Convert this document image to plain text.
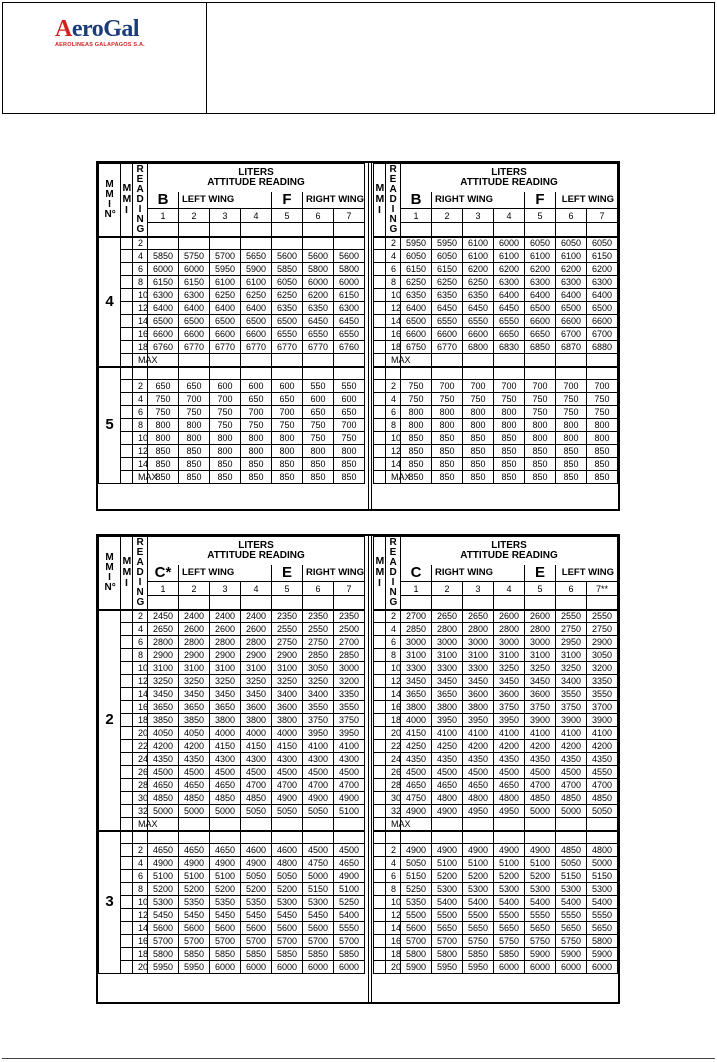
AeroGal
AEROLINEAS GALAPAGOS S.A.
M M I N°	M M I	R E A D I N G	LITERS
ATTITUDE READING						

			B	LEFT WING			F	RIGHT WING	
			1	2	3	4	5	6	7

4		2							
		4	5850	5750	5700	5650	5600	5600	5600
		6	6000	6000	5950	5900	5850	5800	5800
		8	6150	6150	6100	6100	6050	6000	6000
		10	6300	6300	6250	6250	6250	6200	6150
		12	6400	6400	6400	6400	6350	6350	6300
		14	6500	6500	6500	6500	6500	6450	6450
		16	6600	6600	6600	6600	6550	6550	6550
		18	6760	6770	6770	6770	6770	6770	6760
		MAX							
5									
		2	650	650	600	600	600	550	550
		4	750	700	700	650	650	600	600
		6	750	750	750	700	700	650	650
		8	800	800	750	750	750	750	700
		10	800	800	800	800	800	750	750
		12	850	850	800	800	800	800	800
		14	850	850	850	850	850	850	850
		MAX	850	850	850	850	850	850	850
M M I	R E A D I N G	LITERS
ATTITUDE READING						

		B	RIGHT WING			F	LEFT WING	
		1	2	3	4	5	6	7

	2	5950	5950	6100	6000	6050	6050	6050
	4	6050	6050	6100	6100	6100	6100	6150
	6	6150	6150	6200	6200	6200	6200	6200
	8	6250	6250	6250	6300	6300	6300	6300
	10	6350	6350	6350	6400	6400	6400	6400
	12	6400	6450	6450	6450	6500	6500	6500
	14	6500	6550	6550	6550	6600	6600	6600
	16	6600	6600	6600	6650	6650	6700	6700
	18	6750	6770	6800	6830	6850	6870	6880
	MAX							

	2	750	700	700	700	700	700	700
	4	750	750	750	750	750	750	750
	6	800	800	800	800	750	750	750
	8	800	800	800	800	800	800	800
	10	850	850	850	850	800	800	800
	12	850	850	850	850	850	850	850
	14	850	850	850	850	850	850	850
	MAX	850	850	850	850	850	850	850
M M I N°	M M I	R E A D I N G	LITERS
ATTITUDE READING						

			C*	LEFT WING			E	RIGHT WING	
			1	2	3	4	5	6	7

2		2	2450	2400	2400	2400	2350	2350	2350
		4	2650	2600	2600	2600	2550	2550	2500
		6	2800	2800	2800	2800	2750	2750	2700
		8	2900	2900	2900	2900	2900	2850	2850
		10	3100	3100	3100	3100	3100	3050	3000
		12	3250	3250	3250	3250	3250	3250	3200
		14	3450	3450	3450	3450	3400	3400	3350
		16	3650	3650	3650	3600	3600	3550	3550
		18	3850	3850	3800	3800	3800	3750	3750
		20	4050	4050	4000	4000	4000	3950	3950
		22	4200	4200	4150	4150	4150	4100	4100
		24	4350	4350	4300	4300	4300	4300	4300
		26	4500	4500	4500	4500	4500	4500	4500
		28	4650	4650	4650	4700	4700	4700	4700
		30	4850	4850	4850	4850	4900	4900	4900
		32	5000	5000	5000	5050	5050	5050	5100
		MAX							
3									
		2	4650	4650	4650	4600	4600	4500	4500
		4	4900	4900	4900	4900	4800	4750	4650
		6	5100	5100	5100	5050	5050	5000	4900
		8	5200	5200	5200	5200	5200	5150	5100
		10	5300	5350	5350	5350	5300	5300	5250
		12	5450	5450	5450	5450	5450	5450	5400
		14	5600	5600	5600	5600	5600	5600	5550
		16	5700	5700	5700	5700	5700	5700	5700
		18	5800	5850	5850	5850	5850	5850	5850
		20	5950	5950	6000	6000	6000	6000	6000
M M I	R E A D I N G	LITERS
ATTITUDE READING						

		C	RIGHT WING			E	LEFT WING	
		1	2	3	4	5	6	7**

	2	2700	2650	2650	2600	2600	2550	2550
	4	2850	2800	2800	2800	2800	2750	2750
	6	3000	3000	3000	3000	3000	2950	2900
	8	3100	3100	3100	3100	3100	3100	3050
	10	3300	3300	3300	3250	3250	3250	3200
	12	3450	3450	3450	3450	3450	3400	3350
	14	3650	3650	3600	3600	3600	3550	3550
	16	3800	3800	3800	3750	3750	3750	3700
	18	4000	3950	3950	3950	3900	3900	3900
	20	4150	4100	4100	4100	4100	4100	4100
	22	4250	4250	4200	4200	4200	4200	4200
	24	4350	4350	4350	4350	4350	4350	4350
	26	4500	4500	4500	4500	4500	4500	4550
	28	4650	4650	4650	4650	4700	4700	4700
	30	4750	4800	4800	4800	4850	4850	4850
	32	4900	4900	4950	4950	5000	5000	5050
	MAX							

	2	4900	4900	4900	4900	4900	4850	4800
	4	5050	5100	5100	5100	5100	5050	5000
	6	5150	5200	5200	5200	5200	5150	5150
	8	5250	5300	5300	5300	5300	5300	5300
	10	5350	5400	5400	5400	5400	5400	5400
	12	5500	5500	5500	5500	5550	5550	5550
	14	5600	5650	5650	5650	5650	5650	5650
	16	5700	5700	5750	5750	5750	5750	5800
	18	5800	5800	5850	5850	5900	5900	5900
	20	5900	5950	5950	6000	6000	6000	6000
